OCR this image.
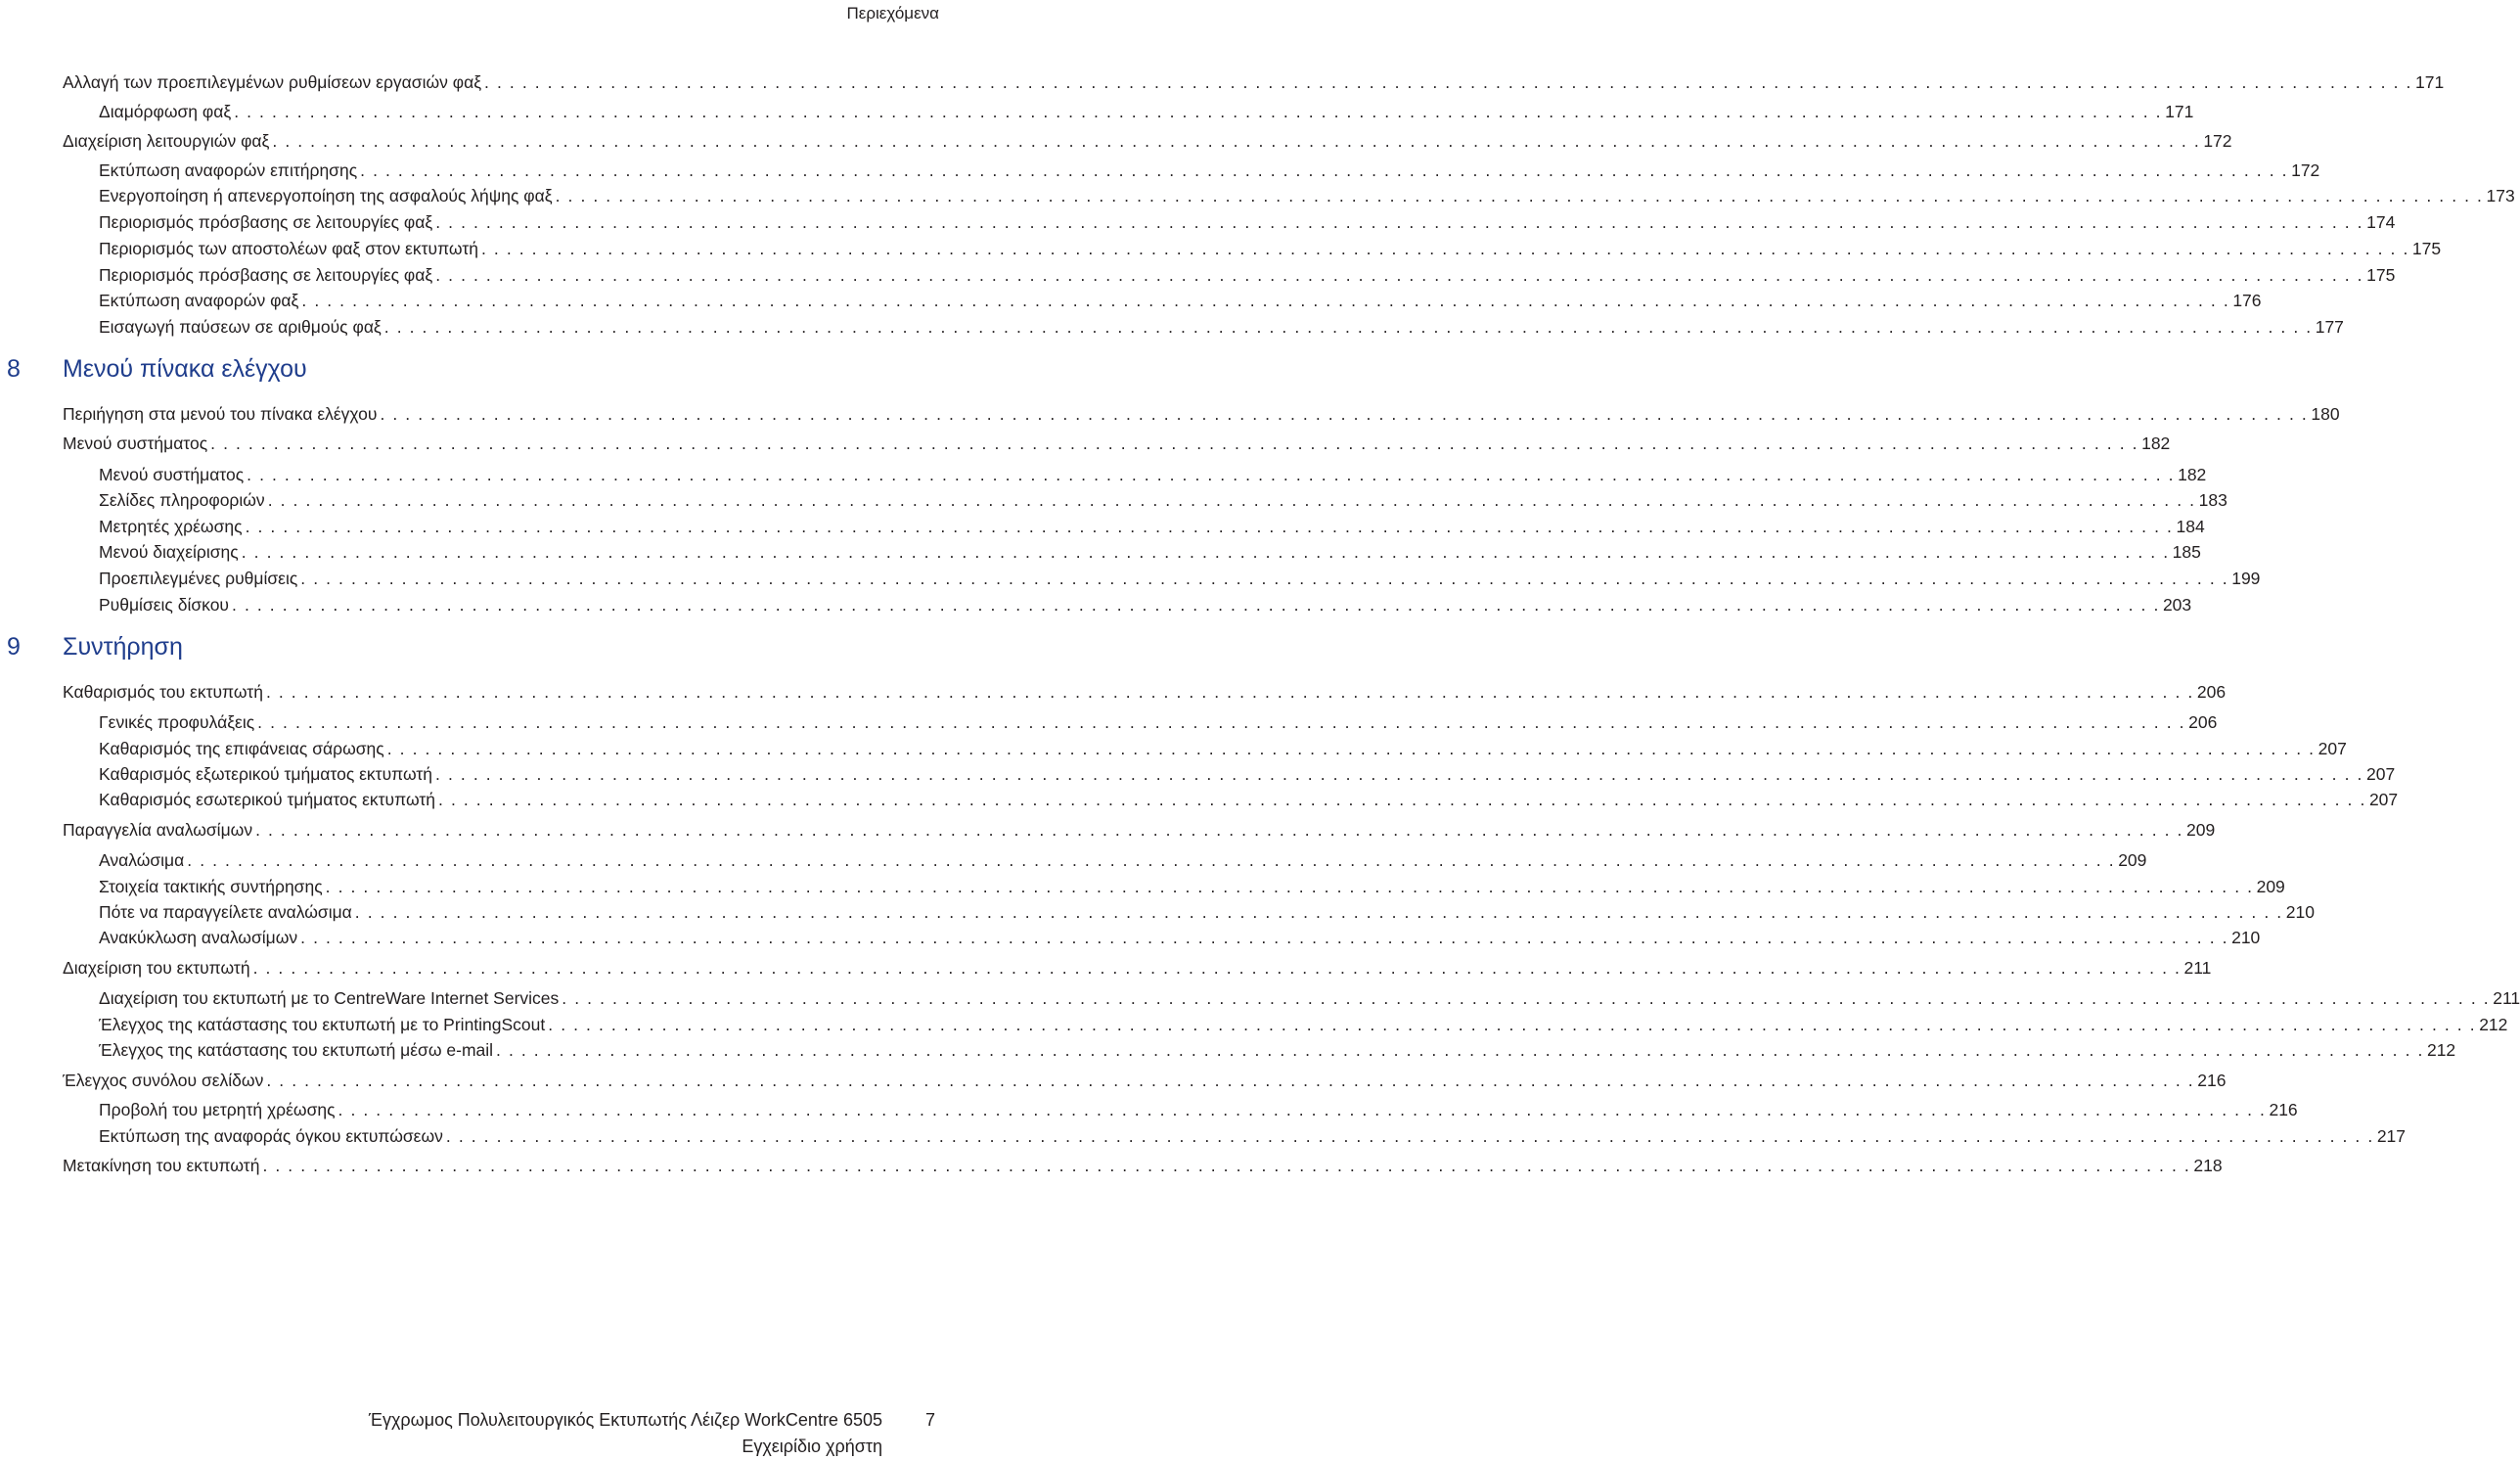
Περιεχόμενα
Αλλαγή των προεπιλεγμένων ρυθμίσεων εργασιών φαξ . . . . . . . . . . . . . . . . . . . . . . . . . . . . . . . . . . . . . . . . . . . . . . . . . . . . . . . . . . . . . . . . . . . . . . . . . . . . . . . . . . . . . . . . . . . . . . . . . . . . . . . . . . . . . . . . . . . . . . . . . . . . . . . . . . . . . . . . . . . . . . . . . . . . . . . . . 171
Διαμόρφωση φαξ . . . . . . . . . . . . . . . . . . . . . . . . . . . . . . . . . . . . . . . . . . . . . . . . . . . . . . . . . . . . . . . . . . . . . . . . . . . . . . . . . . . . . . . . . . . . . . . . . . . . . . . . . . . . . . . . . . . . . . . . . . . . . . . . . . . . . . . . . . . . . . . . . . . . . . . . . 171
Διαχείριση λειτουργιών φαξ . . . . . . . . . . . . . . . . . . . . . . . . . . . . . . . . . . . . . . . . . . . . . . . . . . . . . . . . . . . . . . . . . . . . . . . . . . . . . . . . . . . . . . . . . . . . . . . . . . . . . . . . . . . . . . . . . . . . . . . . . . . . . . . . . . . . . . . . . . . . . . . . . . . . . . . . . 172
Εκτύπωση αναφορών επιτήρησης . . . . . . . . . . . . . . . . . . . . . . . . . . . . . . . . . . . . . . . . . . . . . . . . . . . . . . . . . . . . . . . . . . . . . . . . . . . . . . . . . . . . . . . . . . . . . . . . . . . . . . . . . . . . . . . . . . . . . . . . . . . . . . . . . . . . . . . . . . . . . . . . . . . . . . . . . 172
Ενεργοποίηση ή απενεργοποίηση της ασφαλούς λήψης φαξ . . . . . . . . . . . . . . . . . . . . . . . . . . . . . . . . . . . . . . . . . . . . . . . . . . . . . . . . . . . . . . . . . . . . . . . . . . . . . . . . . . . . . . . . . . . . . . . . . . . . . . . . . . . . . . . . . . . . . . . . . . . . . . . . . . . . . . . . . . . . . . . . . . . . . . . . . 173
Περιορισμός πρόσβασης σε λειτουργίες φαξ . . . . . . . . . . . . . . . . . . . . . . . . . . . . . . . . . . . . . . . . . . . . . . . . . . . . . . . . . . . . . . . . . . . . . . . . . . . . . . . . . . . . . . . . . . . . . . . . . . . . . . . . . . . . . . . . . . . . . . . . . . . . . . . . . . . . . . . . . . . . . . . . . . . . . . . . . 174
Περιορισμός των αποστολέων φαξ στον εκτυπωτή . . . . . . . . . . . . . . . . . . . . . . . . . . . . . . . . . . . . . . . . . . . . . . . . . . . . . . . . . . . . . . . . . . . . . . . . . . . . . . . . . . . . . . . . . . . . . . . . . . . . . . . . . . . . . . . . . . . . . . . . . . . . . . . . . . . . . . . . . . . . . . . . . . . . . . . . . 175
Περιορισμός πρόσβασης σε λειτουργίες φαξ . . . . . . . . . . . . . . . . . . . . . . . . . . . . . . . . . . . . . . . . . . . . . . . . . . . . . . . . . . . . . . . . . . . . . . . . . . . . . . . . . . . . . . . . . . . . . . . . . . . . . . . . . . . . . . . . . . . . . . . . . . . . . . . . . . . . . . . . . . . . . . . . . . . . . . . . . 175
Εκτύπωση αναφορών φαξ . . . . . . . . . . . . . . . . . . . . . . . . . . . . . . . . . . . . . . . . . . . . . . . . . . . . . . . . . . . . . . . . . . . . . . . . . . . . . . . . . . . . . . . . . . . . . . . . . . . . . . . . . . . . . . . . . . . . . . . . . . . . . . . . . . . . . . . . . . . . . . . . . . . . . . . . . 176
Εισαγωγή παύσεων σε αριθμούς φαξ . . . . . . . . . . . . . . . . . . . . . . . . . . . . . . . . . . . . . . . . . . . . . . . . . . . . . . . . . . . . . . . . . . . . . . . . . . . . . . . . . . . . . . . . . . . . . . . . . . . . . . . . . . . . . . . . . . . . . . . . . . . . . . . . . . . . . . . . . . . . . . . . . . . . . . . . . 177
8 Μενού πίνακα ελέγχου
Περιήγηση στα μενού του πίνακα ελέγχου . . . . . . . . . . . . . . . . . . . . . . . . . . . . . . . . . . . . . . . . . . . . . . . . . . . . . . . . . . . . . . . . . . . . . . . . . . . . . . . . . . . . . . . . . . . . . . . . . . . . . . . . . . . . . . . . . . . . . . . . . . . . . . . . . . . . . . . . . . . . . . . . . . . . . . . . . 180
Μενού συστήματος . . . . . . . . . . . . . . . . . . . . . . . . . . . . . . . . . . . . . . . . . . . . . . . . . . . . . . . . . . . . . . . . . . . . . . . . . . . . . . . . . . . . . . . . . . . . . . . . . . . . . . . . . . . . . . . . . . . . . . . . . . . . . . . . . . . . . . . . . . . . . . . . . . . . . . . . . 182
Μενού συστήματος . . . . . . . . . . . . . . . . . . . . . . . . . . . . . . . . . . . . . . . . . . . . . . . . . . . . . . . . . . . . . . . . . . . . . . . . . . . . . . . . . . . . . . . . . . . . . . . . . . . . . . . . . . . . . . . . . . . . . . . . . . . . . . . . . . . . . . . . . . . . . . . . . . . . . . . . . 182
Σελίδες πληροφοριών . . . . . . . . . . . . . . . . . . . . . . . . . . . . . . . . . . . . . . . . . . . . . . . . . . . . . . . . . . . . . . . . . . . . . . . . . . . . . . . . . . . . . . . . . . . . . . . . . . . . . . . . . . . . . . . . . . . . . . . . . . . . . . . . . . . . . . . . . . . . . . . . . . . . . . . . . 183
Μετρητές χρέωσης . . . . . . . . . . . . . . . . . . . . . . . . . . . . . . . . . . . . . . . . . . . . . . . . . . . . . . . . . . . . . . . . . . . . . . . . . . . . . . . . . . . . . . . . . . . . . . . . . . . . . . . . . . . . . . . . . . . . . . . . . . . . . . . . . . . . . . . . . . . . . . . . . . . . . . . . . 184
Μενού διαχείρισης . . . . . . . . . . . . . . . . . . . . . . . . . . . . . . . . . . . . . . . . . . . . . . . . . . . . . . . . . . . . . . . . . . . . . . . . . . . . . . . . . . . . . . . . . . . . . . . . . . . . . . . . . . . . . . . . . . . . . . . . . . . . . . . . . . . . . . . . . . . . . . . . . . . . . . . . . 185
Προεπιλεγμένες ρυθμίσεις . . . . . . . . . . . . . . . . . . . . . . . . . . . . . . . . . . . . . . . . . . . . . . . . . . . . . . . . . . . . . . . . . . . . . . . . . . . . . . . . . . . . . . . . . . . . . . . . . . . . . . . . . . . . . . . . . . . . . . . . . . . . . . . . . . . . . . . . . . . . . . . . . . . . . . . . . 199
Ρυθμίσεις δίσκου . . . . . . . . . . . . . . . . . . . . . . . . . . . . . . . . . . . . . . . . . . . . . . . . . . . . . . . . . . . . . . . . . . . . . . . . . . . . . . . . . . . . . . . . . . . . . . . . . . . . . . . . . . . . . . . . . . . . . . . . . . . . . . . . . . . . . . . . . . . . . . . . . . . . . . . . . 203
9 Συντήρηση
Καθαρισμός του εκτυπωτή . . . . . . . . . . . . . . . . . . . . . . . . . . . . . . . . . . . . . . . . . . . . . . . . . . . . . . . . . . . . . . . . . . . . . . . . . . . . . . . . . . . . . . . . . . . . . . . . . . . . . . . . . . . . . . . . . . . . . . . . . . . . . . . . . . . . . . . . . . . . . . . . . . . . . . . . . 206
Γενικές προφυλάξεις . . . . . . . . . . . . . . . . . . . . . . . . . . . . . . . . . . . . . . . . . . . . . . . . . . . . . . . . . . . . . . . . . . . . . . . . . . . . . . . . . . . . . . . . . . . . . . . . . . . . . . . . . . . . . . . . . . . . . . . . . . . . . . . . . . . . . . . . . . . . . . . . . . . . . . . . . 206
Καθαρισμός της επιφάνειας σάρωσης . . . . . . . . . . . . . . . . . . . . . . . . . . . . . . . . . . . . . . . . . . . . . . . . . . . . . . . . . . . . . . . . . . . . . . . . . . . . . . . . . . . . . . . . . . . . . . . . . . . . . . . . . . . . . . . . . . . . . . . . . . . . . . . . . . . . . . . . . . . . . . . . . . . . . . . . . 207
Καθαρισμός εξωτερικού τμήματος εκτυπωτή . . . . . . . . . . . . . . . . . . . . . . . . . . . . . . . . . . . . . . . . . . . . . . . . . . . . . . . . . . . . . . . . . . . . . . . . . . . . . . . . . . . . . . . . . . . . . . . . . . . . . . . . . . . . . . . . . . . . . . . . . . . . . . . . . . . . . . . . . . . . . . . . . . . . . . . . . 207
Καθαρισμός εσωτερικού τμήματος εκτυπωτή . . . . . . . . . . . . . . . . . . . . . . . . . . . . . . . . . . . . . . . . . . . . . . . . . . . . . . . . . . . . . . . . . . . . . . . . . . . . . . . . . . . . . . . . . . . . . . . . . . . . . . . . . . . . . . . . . . . . . . . . . . . . . . . . . . . . . . . . . . . . . . . . . . . . . . . . . 207
Παραγγελία αναλωσίμων . . . . . . . . . . . . . . . . . . . . . . . . . . . . . . . . . . . . . . . . . . . . . . . . . . . . . . . . . . . . . . . . . . . . . . . . . . . . . . . . . . . . . . . . . . . . . . . . . . . . . . . . . . . . . . . . . . . . . . . . . . . . . . . . . . . . . . . . . . . . . . . . . . . . . . . . . 209
Αναλώσιμα . . . . . . . . . . . . . . . . . . . . . . . . . . . . . . . . . . . . . . . . . . . . . . . . . . . . . . . . . . . . . . . . . . . . . . . . . . . . . . . . . . . . . . . . . . . . . . . . . . . . . . . . . . . . . . . . . . . . . . . . . . . . . . . . . . . . . . . . . . . . . . . . . . . . . . . . . 209
Στοιχεία τακτικής συντήρησης . . . . . . . . . . . . . . . . . . . . . . . . . . . . . . . . . . . . . . . . . . . . . . . . . . . . . . . . . . . . . . . . . . . . . . . . . . . . . . . . . . . . . . . . . . . . . . . . . . . . . . . . . . . . . . . . . . . . . . . . . . . . . . . . . . . . . . . . . . . . . . . . . . . . . . . . . 209
Πότε να παραγγείλετε αναλώσιμα . . . . . . . . . . . . . . . . . . . . . . . . . . . . . . . . . . . . . . . . . . . . . . . . . . . . . . . . . . . . . . . . . . . . . . . . . . . . . . . . . . . . . . . . . . . . . . . . . . . . . . . . . . . . . . . . . . . . . . . . . . . . . . . . . . . . . . . . . . . . . . . . . . . . . . . . . 210
Ανακύκλωση αναλωσίμων . . . . . . . . . . . . . . . . . . . . . . . . . . . . . . . . . . . . . . . . . . . . . . . . . . . . . . . . . . . . . . . . . . . . . . . . . . . . . . . . . . . . . . . . . . . . . . . . . . . . . . . . . . . . . . . . . . . . . . . . . . . . . . . . . . . . . . . . . . . . . . . . . . . . . . . . . 210
Διαχείριση του εκτυπωτή . . . . . . . . . . . . . . . . . . . . . . . . . . . . . . . . . . . . . . . . . . . . . . . . . . . . . . . . . . . . . . . . . . . . . . . . . . . . . . . . . . . . . . . . . . . . . . . . . . . . . . . . . . . . . . . . . . . . . . . . . . . . . . . . . . . . . . . . . . . . . . . . . . . . . . . . . 211
Διαχείριση του εκτυπωτή με το CentreWare Internet Services . . . . . . . . . . . . . . . . . . . . . . . . . . . . . . . . . . . . . . . . . . . . . . . . . . . . . . . . . . . . . . . . . . . . . . . . . . . . . . . . . . . . . . . . . . . . . . . . . . . . . . . . . . . . . . . . . . . . . . . . . . . . . . . . . . . . . . . . . . . . . . . . . . . . . . . . . 211
Έλεγχος της κατάστασης του εκτυπωτή με το PrintingScout . . . . . . . . . . . . . . . . . . . . . . . . . . . . . . . . . . . . . . . . . . . . . . . . . . . . . . . . . . . . . . . . . . . . . . . . . . . . . . . . . . . . . . . . . . . . . . . . . . . . . . . . . . . . . . . . . . . . . . . . . . . . . . . . . . . . . . . . . . . . . . . . . . . . . . . . . 212
Έλεγχος της κατάστασης του εκτυπωτή μέσω e-mail . . . . . . . . . . . . . . . . . . . . . . . . . . . . . . . . . . . . . . . . . . . . . . . . . . . . . . . . . . . . . . . . . . . . . . . . . . . . . . . . . . . . . . . . . . . . . . . . . . . . . . . . . . . . . . . . . . . . . . . . . . . . . . . . . . . . . . . . . . . . . . . . . . . . . . . . . 212
Έλεγχος συνόλου σελίδων . . . . . . . . . . . . . . . . . . . . . . . . . . . . . . . . . . . . . . . . . . . . . . . . . . . . . . . . . . . . . . . . . . . . . . . . . . . . . . . . . . . . . . . . . . . . . . . . . . . . . . . . . . . . . . . . . . . . . . . . . . . . . . . . . . . . . . . . . . . . . . . . . . . . . . . . . 216
Προβολή του μετρητή χρέωσης . . . . . . . . . . . . . . . . . . . . . . . . . . . . . . . . . . . . . . . . . . . . . . . . . . . . . . . . . . . . . . . . . . . . . . . . . . . . . . . . . . . . . . . . . . . . . . . . . . . . . . . . . . . . . . . . . . . . . . . . . . . . . . . . . . . . . . . . . . . . . . . . . . . . . . . . . 216
Εκτύπωση της αναφοράς όγκου εκτυπώσεων . . . . . . . . . . . . . . . . . . . . . . . . . . . . . . . . . . . . . . . . . . . . . . . . . . . . . . . . . . . . . . . . . . . . . . . . . . . . . . . . . . . . . . . . . . . . . . . . . . . . . . . . . . . . . . . . . . . . . . . . . . . . . . . . . . . . . . . . . . . . . . . . . . . . . . . . . 217
Μετακίνηση του εκτυπωτή . . . . . . . . . . . . . . . . . . . . . . . . . . . . . . . . . . . . . . . . . . . . . . . . . . . . . . . . . . . . . . . . . . . . . . . . . . . . . . . . . . . . . . . . . . . . . . . . . . . . . . . . . . . . . . . . . . . . . . . . . . . . . . . . . . . . . . . . . . . . . . . . . . . . . . . . . 218
Έγχρωμος Πολυλειτουργικός Εκτυπωτής Λέιζερ WorkCentre 6505
Εγχειρίδιο χρήστη
7
